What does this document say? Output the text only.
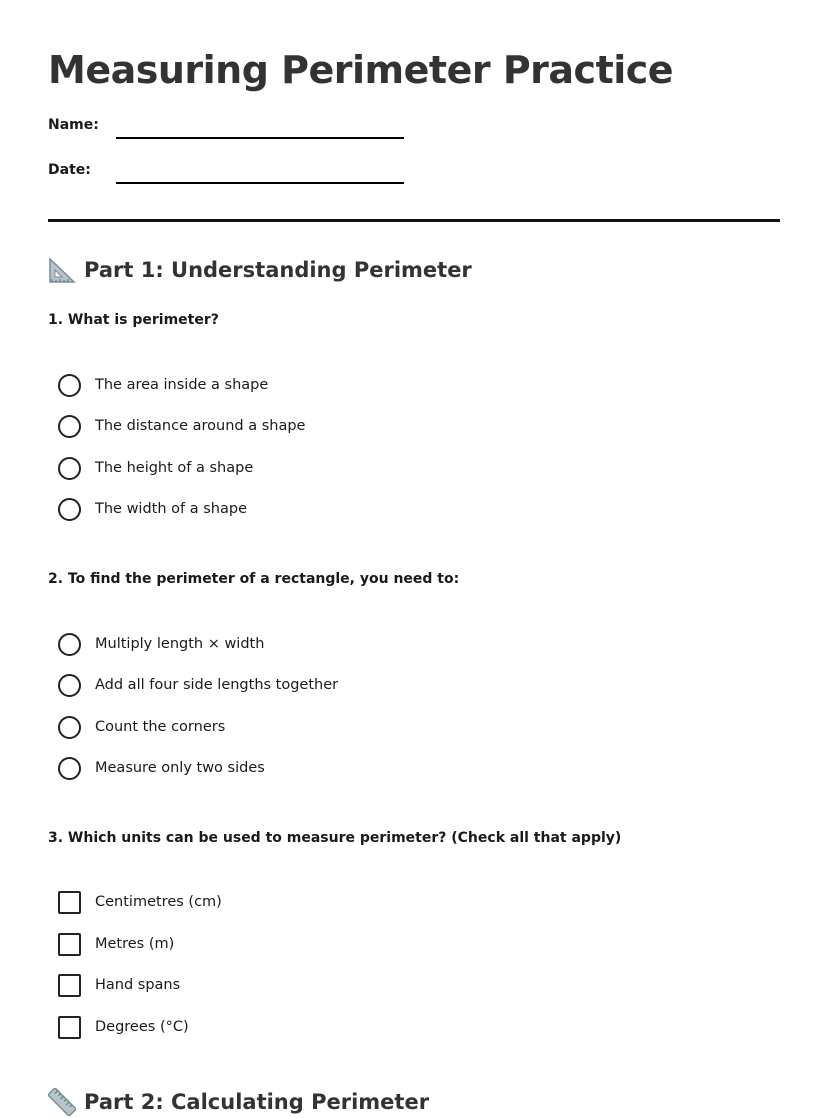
Measuring Perimeter Practice
Name:
Date:
Part 1: Understanding Perimeter

1. What is perimeter?

The area inside a shape
The distance around a shape
The height of a shape
The width of a shape

2. To find the perimeter of a rectangle, you need to:

Multiply length × width
Add all four side lengths together
Count the corners
Measure only two sides

3. Which units can be used to measure perimeter? (Check all that apply)

Centimetres (cm)
Metres (m)
Hand spans
Degrees (°C)
Part 2: Calculating Perimeter
